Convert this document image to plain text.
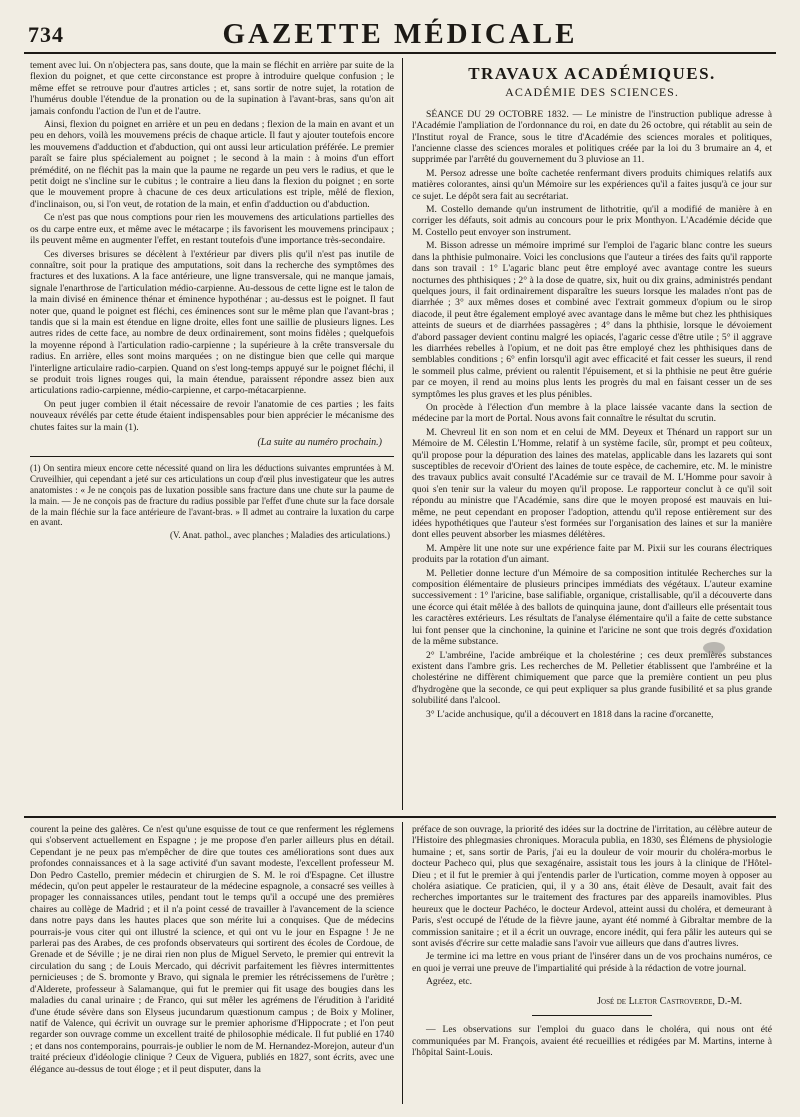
734	GAZETTE MÉDICALE

tement avec lui. On n'objectera pas, sans doute, que la main se fléchit en arrière par suite de la flexion du poignet, et que cette circonstance est propre à introduire quelque confusion ; le même effet se retrouve pour d'autres articles ; et, sans sortir de notre sujet, la rotation de l'humérus double l'étendue de la pronation ou de la supination à l'avant-bras, sans qu'on ait jamais confondu l'action de l'un et de l'autre.

Ainsi, flexion du poignet en arrière et un peu en dedans ; flexion de la main en avant et un peu en dehors, voilà les mouvemens précis de chaque article. Il faut y ajouter toutefois encore les mouvemens d'adduction et d'abduction, qui ont aussi leur articulation préférée. Le premier paraît se faire plus spécialement au poignet ; le second à la main : à moins d'un effort prémédité, on ne fléchit pas la main que la paume ne regarde un peu vers le radius, et que le petit doigt ne s'incline sur le cubitus ; le contraire a lieu dans la flexion du poignet ; en sorte que le mouvement propre à chacune de ces deux articulations est triple, mêlé de flexion, d'inclinaison, ou, si l'on veut, de rotation de la main, et enfin d'adduction ou d'abduction.

Ce n'est pas que nous comptions pour rien les mouvemens des articulations partielles des os du carpe entre eux, et même avec le métacarpe ; ils favorisent les mouvemens principaux ; ils peuvent même en augmenter l'effet, en restant toutefois d'une importance très-secondaire.

Ces diverses brisures se décèlent à l'extérieur par divers plis qu'il n'est pas inutile de connaître, soit pour la pratique des amputations, soit dans la recherche des symptômes des fractures et des luxations. A la face antérieure, une ligne transversale, qui ne manque jamais, signale l'enarthrose de l'articulation médio-carpienne. Au-dessous de cette ligne est le talon de la main divisé en éminence thénar et éminence hypothénar ; au-dessus est le poignet. Il faut noter que, quand le poignet est fléchi, ces éminences sont sur le même plan que l'avant-bras ; tandis que si la main est étendue en ligne droite, elles font une saillie de plusieurs lignes. Les autres rides de cette face, au nombre de deux ordinairement, sont moins fidèles ; quelquefois la moyenne répond à l'articulation radio-carpienne ; la supérieure à la crête transversale du radius. En arrière, elles sont moins marquées ; on ne distingue bien que celle qui marque l'interligne articulaire radio-carpien. Quand on s'est long-temps appuyé sur le poignet fléchi, il se produit trois lignes rouges qui, la main étendue, paraissent répondre assez bien aux articulations radio-carpienne, médio-carpienne, et carpo-métacarpienne.

On peut juger combien il était nécessaire de revoir l'anatomie de ces parties ; les faits nouveaux révélés par cette étude étaient indispensables pour bien apprécier le mécanisme des chutes faites sur la main (1).

(La suite au numéro prochain.)
(1) On sentira mieux encore cette nécessité quand on lira les déductions suivantes empruntées à M. Cruveilhier, qui cependant a jeté sur ces articulations un coup d'œil plus investigateur que les autres anatomistes : « Je ne conçois pas de luxation possible sans fracture dans une chute sur la paume de la main. — Je ne conçois pas de fracture du radius possible par l'effet d'une chute sur la face dorsale de la main fléchie sur la face antérieure de l'avant-bras. » Il admet au contraire la luxation du carpe en avant.
(V. Anat. pathol., avec planches ; Maladies des articulations.)
TRAVAUX ACADÉMIQUES.
ACADÉMIE DES SCIENCES.

SÉANCE DU 29 OCTOBRE 1832. — Le ministre de l'instruction publique adresse à l'Académie l'ampliation de l'ordonnance du roi, en date du 26 octobre, qui rétablit au sein de l'Institut royal de France, sous le titre d'Académie des sciences morales et politiques, l'ancienne classe des sciences morales et politiques créée par la loi du 3 brumaire an 4, et supprimée par l'arrêté du gouvernement du 3 pluviose an 11.

M. Persoz adresse une boîte cachetée renfermant divers produits chimiques relatifs aux matières colorantes, ainsi qu'un Mémoire sur les expériences qu'il a faites jusqu'à ce jour sur ce sujet. Le dépôt sera fait au secrétariat.

M. Costello demande qu'un instrument de lithotritie, qu'il a modifié de manière à en corriger les défauts, soit admis au concours pour le prix Monthyon. L'Académie décide que M. Costello peut envoyer son instrument.

M. Bisson adresse un mémoire imprimé sur l'emploi de l'agaric blanc contre les sueurs dans la phthisie pulmonaire. Voici les conclusions que l'auteur a tirées des faits qu'il rapporte dans son travail : 1° L'agaric blanc peut être employé avec avantage contre les sueurs nocturnes des phthisiques ; 2° à la dose de quatre, six, huit ou dix grains, administrés pendant quelques jours, il fait ordinairement disparaître les sueurs lorsque les malades n'ont pas de diarrhée ; 3° aux mêmes doses et combiné avec l'extrait gommeux d'opium ou le sirop diacode, il peut être également employé avec avantage dans le même but chez les phthisiques atteints de sueurs et de diarrhées passagères ; 4° dans la phthisie, lorsque le dévoiement d'abord passager devient continu malgré les opiacés, l'agaric cesse d'être utile ; 5° il aggrave les diarrhées rebelles à l'opium, et ne doit pas être employé chez les phthisiques dans de semblables conditions ; 6° enfin lorsqu'il agit avec efficacité et fait cesser les sueurs, il rend le sommeil plus calme, prévient ou ralentit l'épuisement, et si la phthisie ne peut être guérie par ce moyen, il rend au moins plus lents les progrès du mal en faisant cesser un de ses symptômes les plus graves et les plus pénibles.

On procède à l'élection d'un membre à la place laissée vacante dans la section de médecine par la mort de Portal. Nous avons fait connaître le résultat du scrutin.

M. Chevreul lit en son nom et en celui de MM. Deyeux et Thénard un rapport sur un Mémoire de M. Célestin L'Homme, relatif à un système facile, sûr, prompt et peu coûteux, qu'il propose pour la dépuration des laines des matelas, applicable dans les lazarets qui sont susceptibles de recevoir d'Orient des laines de toute espèce, de cachemire, etc. M. le ministre des travaux publics avait consulté l'Académie sur ce travail de M. L'Homme pour savoir à quoi s'en tenir sur la valeur du moyen qu'il propose. Le rapporteur conclut à ce qu'il soit répondu au ministre que l'Académie, sans dire que le moyen proposé est mauvais en lui-même, ne peut cependant en proposer l'adoption, attendu qu'il repose entièrement sur des idées hypothétiques que l'auteur s'est formées sur l'organisation des laines et sur la manière dont elles peuvent absorber les miasmes délétères.

M. Ampère lit une note sur une expérience faite par M. Pixii sur les courans électriques produits par la rotation d'un aimant.

M. Pelletier donne lecture d'un Mémoire de sa composition intitulée Recherches sur la composition élémentaire de plusieurs principes immédiats des végétaux. L'auteur examine successivement : 1° l'aricine, base salifiable, organique, cristallisable, qu'il a découverte dans une écorce qui était mêlée à des ballots de quinquina jaune, dont d'ailleurs elle présentait tous les caractères extérieurs. Les résultats de l'analyse élémentaire qu'il a faite de cette substance lui font penser que la cinchonine, la quinine et l'aricine ne sont que trois degrés d'oxidation de la même substance.

2° L'ambréine, l'acide ambréique et la cholestérine ; ces deux premières substances existent dans l'ambre gris. Les recherches de M. Pelletier établissent que l'ambréine et la cholestérine ne diffèrent chimiquement que parce que la première contient un peu plus d'hydrogène que la seconde, ce qui peut expliquer sa plus grande fusibilité et sa plus grande solubilité dans l'alcool.

3° L'acide anchusique, qu'il a découvert en 1818 dans la racine d'orcanette,

courent la peine des galères. Ce n'est qu'une esquisse de tout ce que renferment les réglemens qui s'observent actuellement en Espagne ; je me propose d'en parler ailleurs plus en détail. Cependant je ne peux pas m'empêcher de dire que toutes ces améliorations sont dues aux profondes connaissances et à la sage activité d'un savant modeste, l'excellent professeur M. Don Pedro Castello, premier médecin et chirurgien de S. M. le roi d'Espagne. Cet illustre médecin, qu'on peut appeler le restaurateur de la médecine espagnole, a consacré ses veilles à propager les connaissances utiles, pendant tout le temps qu'il a occupé une des premières chaires au collège de Madrid ; et il n'a point cessé de travailler à l'avancement de la science dans notre pays dans les hautes places que son mérite lui a conquises. Que de médecins pourrais-je vous citer qui ont illustré la science, et qui ont vu le jour en Espagne ! Je ne parlerai pas des Arabes, de ces profonds observateurs qui sortirent des écoles de Cordoue, de Grenade et de Séville ; je ne dirai rien non plus de Miguel Serveto, le premier qui entrevit la circulation du sang ; de Louis Mercado, qui décrivit parfaitement les fièvres intermittentes pernicieuses ; de S. bromonte y Bravo, qui signala le premier les rétrécissemens de l'urètre ; d'Alderete, professeur à Salamanque, qui fut le premier qui fit usage des bougies dans les maladies du canal urinaire ; de Franco, qui sut mêler les agrémens de l'érudition à l'aridité d'une étude sévère dans son Elyseus jucundarum quæstionum campus ; de Boix y Moliner, natif de Valence, qui écrivit un ouvrage sur le premier aphorisme d'Hippocrate ; et l'on peut regarder son ouvrage comme un excellent traité de philosophie médicale. Il fut publié en 1740 ; et dans nos contemporains, pourrais-je oublier le nom de M. Hernandez-Morejon, auteur d'un traité précieux d'idéologie clinique ? Ceux de Viguera, publiés en 1827, sont écrits, avec une élégance au-dessus de tout éloge ; et il peut disputer, dans la

préface de son ouvrage, la priorité des idées sur la doctrine de l'irritation, au célèbre auteur de l'Histoire des phlegmasies chroniques. Moracula publia, en 1830, ses Élémens de physiologie humaine ; et, sans sortir de Paris, j'ai eu la douleur de voir mourir du choléra-morbus le docteur Pacheco qui, plus que sexagénaire, assistait tous les jours à la clinique de l'Hôtel-Dieu ; et il fut le premier à qui j'entendis parler de l'urtication, comme moyen à opposer au choléra asiatique. Ce praticien, qui, il y a 30 ans, était élève de Desault, avait fait des recherches importantes sur le traitement des fractures par des appareils inamovibles. Plus heureux que le docteur Pachéco, le docteur Ardevol, atteint aussi du choléra, et demeurant à Paris, s'est occupé de l'étude de la fièvre jaune, ayant été nommé à Gibraltar membre de la commission sanitaire ; et il a écrit un ouvrage, encore inédit, qui fera pâlir les auteurs qui se sont avisés d'écrire sur cette maladie sans l'avoir vue ailleurs que dans d'autres livres.

Je termine ici ma lettre en vous priant de l'insérer dans un de vos prochains numéros, ce en quoi je verrai une preuve de l'impartialité qui préside à la rédaction de votre journal.

Agréez, etc.

José de Lletor Castroverde, D.-M.

— Les observations sur l'emploi du guaco dans le choléra, qui nous ont été communiquées par M. François, avaient été recueillies et rédigées par M. Martins, interne à l'hôpital Saint-Louis.
